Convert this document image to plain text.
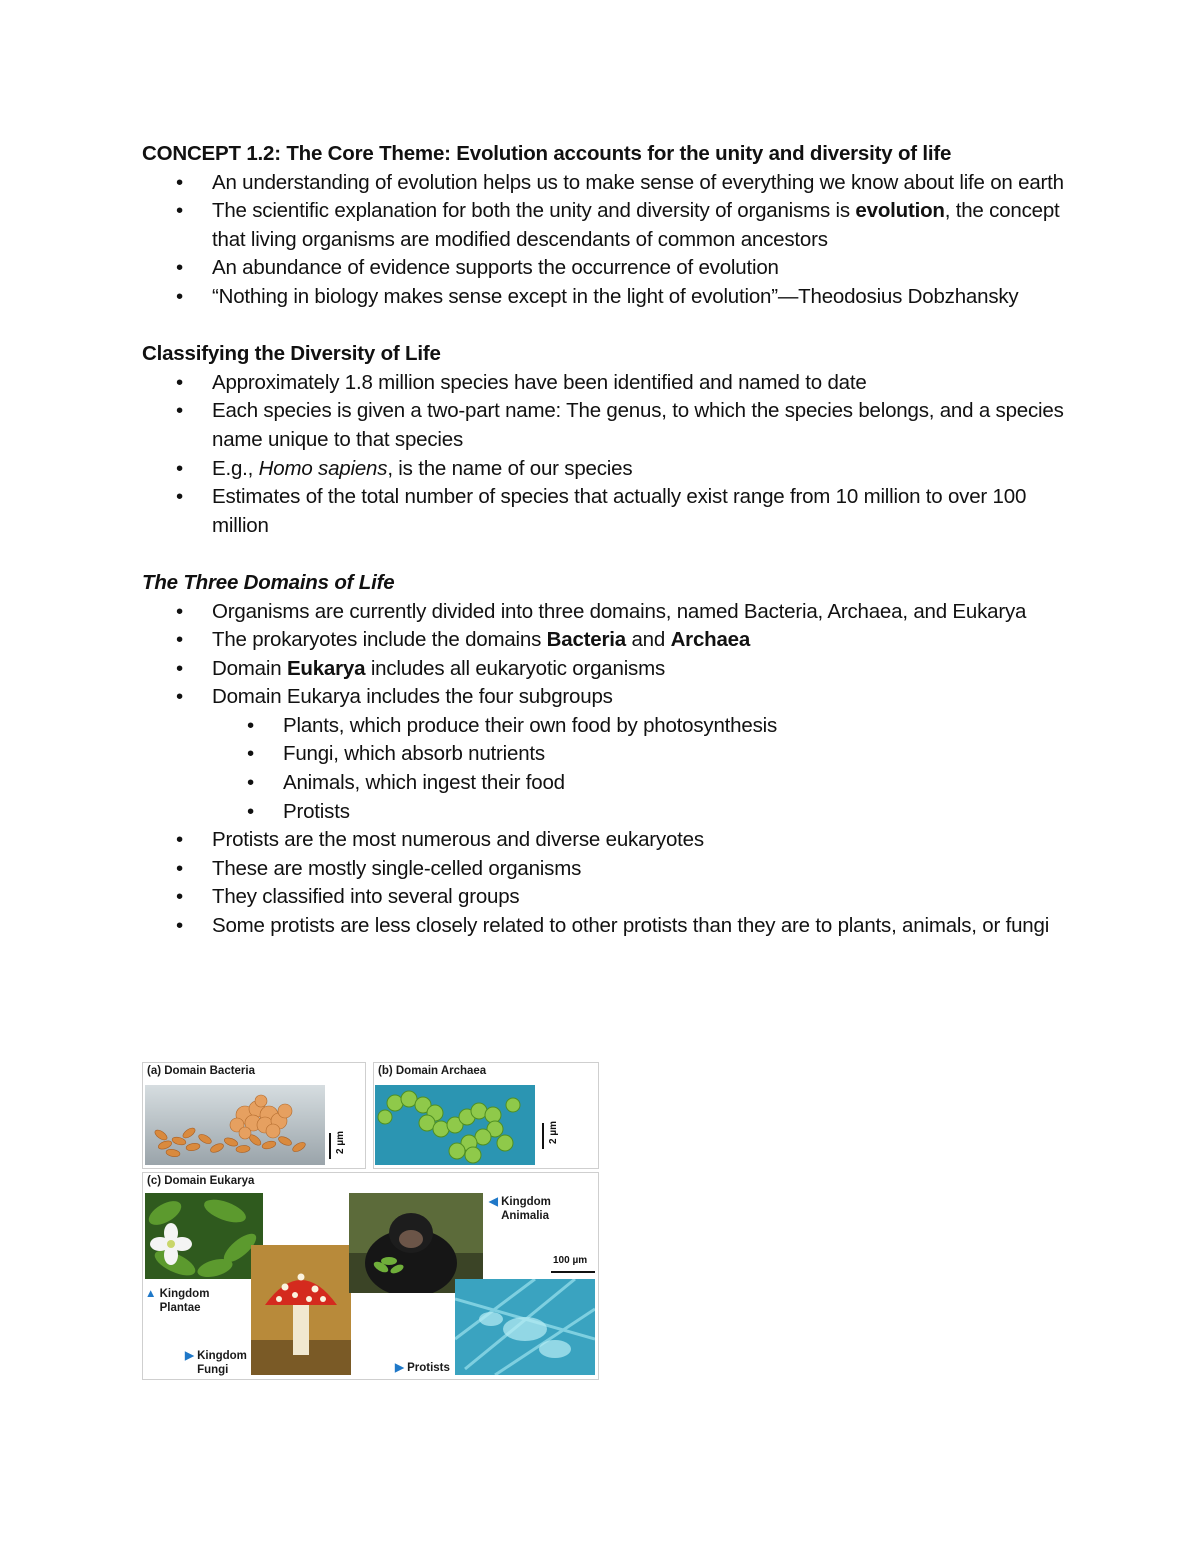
CONCEPT 1.2: The Core Theme: Evolution accounts for the unity and diversity of life

• An understanding of evolution helps us to make sense of everything we know about life on earth
• The scientific explanation for both the unity and diversity of organisms is evolution, the concept that living organisms are modified descendants of common ancestors
• An abundance of evidence supports the occurrence of evolution
• “Nothing in biology makes sense except in the light of evolution”—Theodosius Dobzhansky

Classifying the Diversity of Life

• Approximately 1.8 million species have been identified and named to date
• Each species is given a two-part name: The genus, to which the species belongs, and a species name unique to that species
• E.g., Homo sapiens, is the name of our species
• Estimates of the total number of species that actually exist range from 10 million to over 100 million

The Three Domains of Life

• Organisms are currently divided into three domains, named Bacteria, Archaea, and Eukarya
• The prokaryotes include the domains Bacteria and Archaea
• Domain Eukarya includes all eukaryotic organisms
• Domain Eukarya includes the four subgroups
• Plants, which produce their own food by photosynthesis
• Fungi, which absorb nutrients
• Animals, which ingest their food
• Protists
• Protists are the most numerous and diverse eukaryotes
• These are mostly single-celled organisms
• They classified into several groups
• Some protists are less closely related to other protists than they are to plants, animals, or fungi
(a) Domain Bacteria
2 µm
(b) Domain Archaea
2 µm
(c) Domain Eukarya
◀ Kingdom Animalia
100 µm
▲ Kingdom Plantae
▶ Kingdom Fungi	▶ Protists
